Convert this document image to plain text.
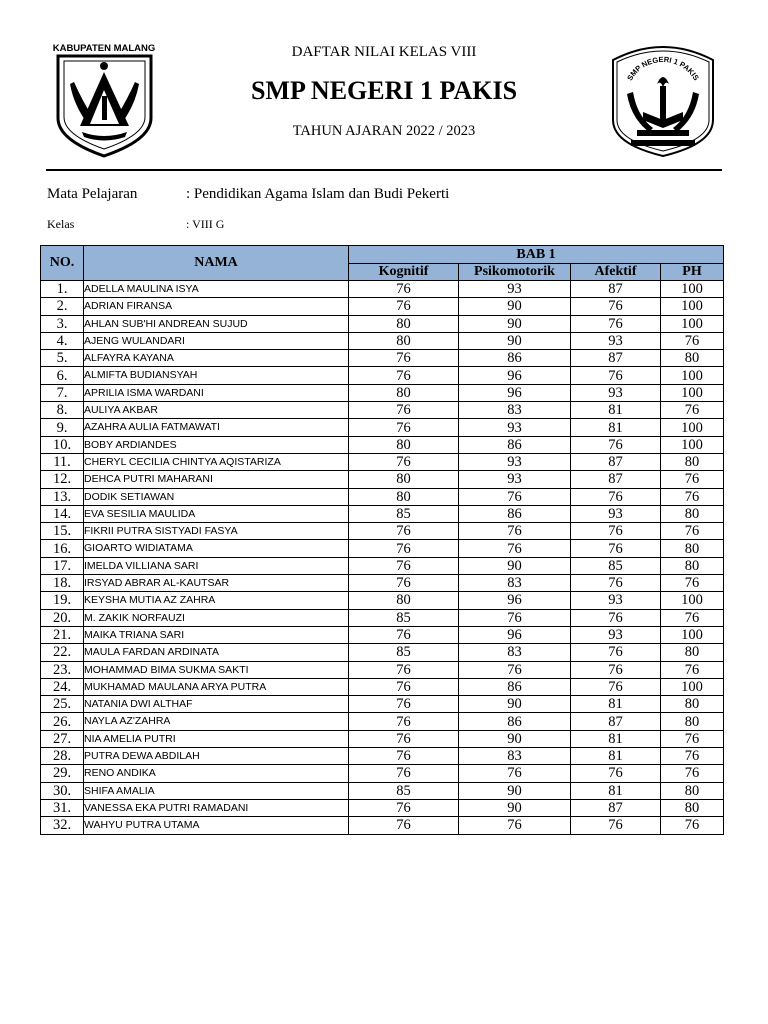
KABUPATEN MALANG	DAFTAR NILAI KELAS VIII
SMP NEGERI 1 PAKIS
TAHUN AJARAN 2022 / 2023
SMP NEGERI 1 PAKIS
Mata Pelajaran	: Pendidikan Agama Islam dan Budi Pekerti
Kelas	: VIII G
NO.	NAMA	BAB 1			
		Kognitif	Psikomotorik	Afektif	PH
1.	ADELLA MAULINA ISYA	76	93	87	100
2.	ADRIAN FIRANSA	76	90	76	100
3.	AHLAN SUB'HI ANDREAN SUJUD	80	90	76	100
4.	AJENG WULANDARI	80	90	93	76
5.	ALFAYRA KAYANA	76	86	87	80
6.	ALMIFTA BUDIANSYAH	76	96	76	100
7.	APRILIA ISMA WARDANI	80	96	93	100
8.	AULIYA AKBAR	76	83	81	76
9.	AZAHRA AULIA FATMAWATI	76	93	81	100
10.	BOBY ARDIANDES	80	86	76	100
11.	CHERYL CECILIA CHINTYA AQISTARIZA	76	93	87	80
12.	DEHCA PUTRI MAHARANI	80	93	87	76
13.	DODIK SETIAWAN	80	76	76	76
14.	EVA SESILIA MAULIDA	85	86	93	80
15.	FIKRII PUTRA SISTYADI FASYA	76	76	76	76
16.	GIOARTO WIDIATAMA	76	76	76	80
17.	IMELDA VILLIANA SARI	76	90	85	80
18.	IRSYAD ABRAR AL-KAUTSAR	76	83	76	76
19.	KEYSHA MUTIA AZ ZAHRA	80	96	93	100
20.	M. ZAKIK NORFAUZI	85	76	76	76
21.	MAIKA TRIANA SARI	76	96	93	100
22.	MAULA FARDAN ARDINATA	85	83	76	80
23.	MOHAMMAD BIMA SUKMA SAKTI	76	76	76	76
24.	MUKHAMAD MAULANA ARYA PUTRA	76	86	76	100
25.	NATANIA DWI ALTHAF	76	90	81	80
26.	NAYLA AZ'ZAHRA	76	86	87	80
27.	NIA AMELIA PUTRI	76	90	81	76
28.	PUTRA DEWA ABDILAH	76	83	81	76
29.	RENO ANDIKA	76	76	76	76
30.	SHIFA AMALIA	85	90	81	80
31.	VANESSA EKA PUTRI RAMADANI	76	90	87	80
32.	WAHYU PUTRA UTAMA	76	76	76	76
